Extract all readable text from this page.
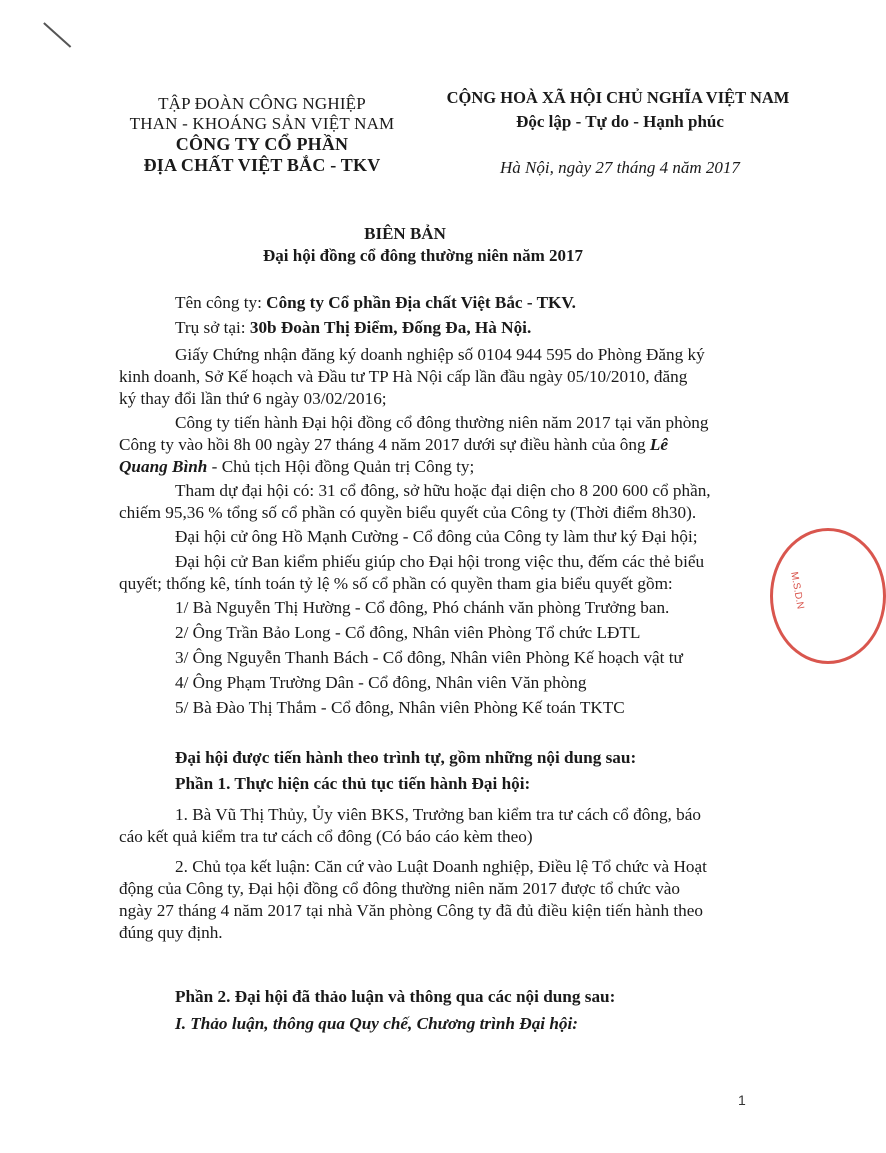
M.S.D.N
TẬP ĐOÀN CÔNG NGHIỆP
THAN - KHOÁNG SẢN VIỆT NAM
CÔNG TY CỔ PHẦN
ĐỊA CHẤT VIỆT BẮC - TKV
CỘNG HOÀ XÃ HỘI CHỦ NGHĨA VIỆT NAM
Độc lập - Tự do - Hạnh phúc
Hà Nội, ngày 27 tháng 4 năm 2017
BIÊN BẢN
Đại hội đồng cổ đông thường niên năm 2017
Tên công ty: Công ty Cổ phần Địa chất Việt Bắc - TKV.
Trụ sở tại: 30b Đoàn Thị Điểm, Đống Đa, Hà Nội.
Giấy Chứng nhận đăng ký doanh nghiệp số 0104 944 595 do Phòng Đăng ký
kinh doanh, Sở Kế hoạch và Đầu tư TP Hà Nội cấp lần đầu ngày 05/10/2010, đăng
ký thay đổi lần thứ 6 ngày 03/02/2016;
Công ty tiến hành Đại hội đồng cổ đông thường niên năm 2017 tại văn phòng
Công ty vào hồi 8h 00 ngày 27 tháng 4 năm 2017 dưới sự điều hành của ông Lê
Quang Bình - Chủ tịch Hội đồng Quản trị Công ty;
Tham dự đại hội có: 31 cổ đông, sở hữu hoặc đại diện cho 8 200 600 cổ phần,
chiếm 95,36 % tổng số cổ phần có quyền biểu quyết của Công ty (Thời điểm 8h30).
Đại hội cử ông Hồ Mạnh Cường - Cổ đông của Công ty làm thư ký Đại hội;
Đại hội cử Ban kiểm phiếu giúp cho Đại hội trong việc thu, đếm các thẻ biểu
quyết; thống kê, tính toán tỷ lệ % số cổ phần có quyền tham gia biểu quyết gồm:
1/ Bà Nguyễn Thị Hường - Cổ đông, Phó chánh văn phòng Trưởng ban.
2/ Ông Trần Bảo Long - Cổ đông, Nhân viên Phòng Tổ chức LĐTL
3/ Ông Nguyễn Thanh Bách - Cổ đông, Nhân viên Phòng Kế hoạch vật tư
4/ Ông Phạm Trường Dân - Cổ đông, Nhân viên Văn phòng
5/ Bà Đào Thị Thắm - Cổ đông, Nhân viên Phòng Kế toán TKTC
Đại hội được tiến hành theo trình tự, gồm những nội dung sau:
Phần 1. Thực hiện các thủ tục tiến hành Đại hội:
1. Bà Vũ Thị Thủy, Ủy viên BKS, Trưởng ban kiểm tra tư cách cổ đông, báo
cáo kết quả kiểm tra tư cách cổ đông (Có báo cáo kèm theo)
2. Chủ tọa kết luận: Căn cứ vào Luật Doanh nghiệp, Điều lệ Tổ chức và Hoạt
động của Công ty, Đại hội đồng cổ đông thường niên năm 2017 được tổ chức vào
ngày 27 tháng 4 năm 2017 tại nhà Văn phòng Công ty đã đủ điều kiện tiến hành theo
đúng quy định.
Phần 2. Đại hội đã thảo luận và thông qua các nội dung sau:
I. Thảo luận, thông qua Quy chế, Chương trình Đại hội:
1
